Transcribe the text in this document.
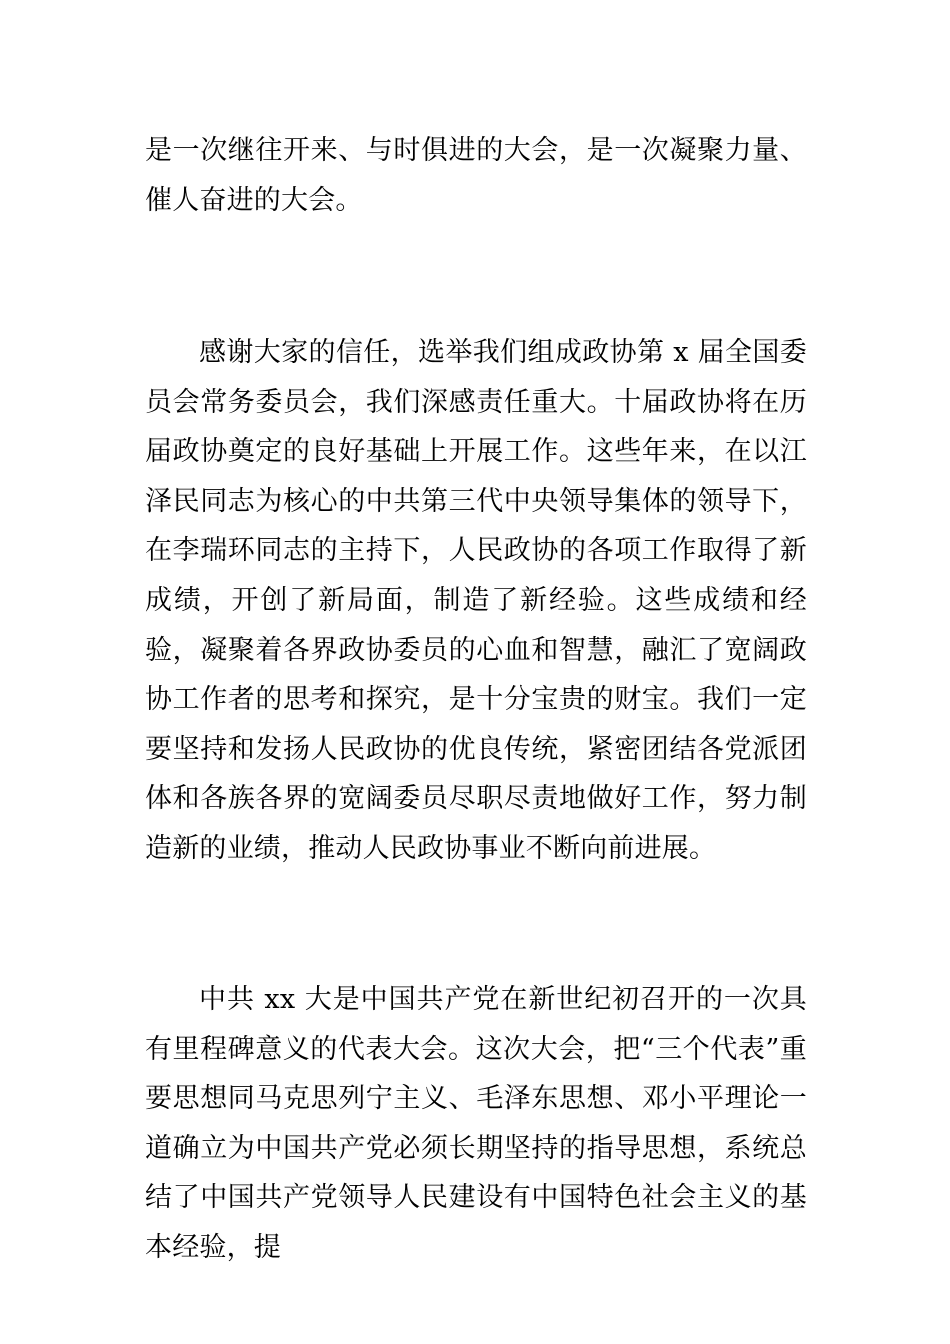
是一次继往开来、与时俱进的大会，是一次凝聚力量、催人奋进的大会。

感谢大家的信任，选举我们组成政协第 x 届全国委员会常务委员会，我们深感责任重大。十届政协将在历届政协奠定的良好基础上开展工作。这些年来，在以江泽民同志为核心的中共第三代中央领导集体的领导下，在李瑞环同志的主持下，人民政协的各项工作取得了新成绩，开创了新局面，制造了新经验。这些成绩和经验，凝聚着各界政协委员的心血和智慧，融汇了宽阔政协工作者的思考和探究，是十分宝贵的财宝。我们一定要坚持和发扬人民政协的优良传统，紧密团结各党派团体和各族各界的宽阔委员尽职尽责地做好工作，努力制造新的业绩，推动人民政协事业不断向前进展。

中共 xx 大是中国共产党在新世纪初召开的一次具有里程碑意义的代表大会。这次大会，把“三个代表”重要思想同马克思列宁主义、毛泽东思想、邓小平理论一道确立为中国共产党必须长期坚持的指导思想，系统总结了中国共产党领导人民建设有中国特色社会主义的基本经验，提
